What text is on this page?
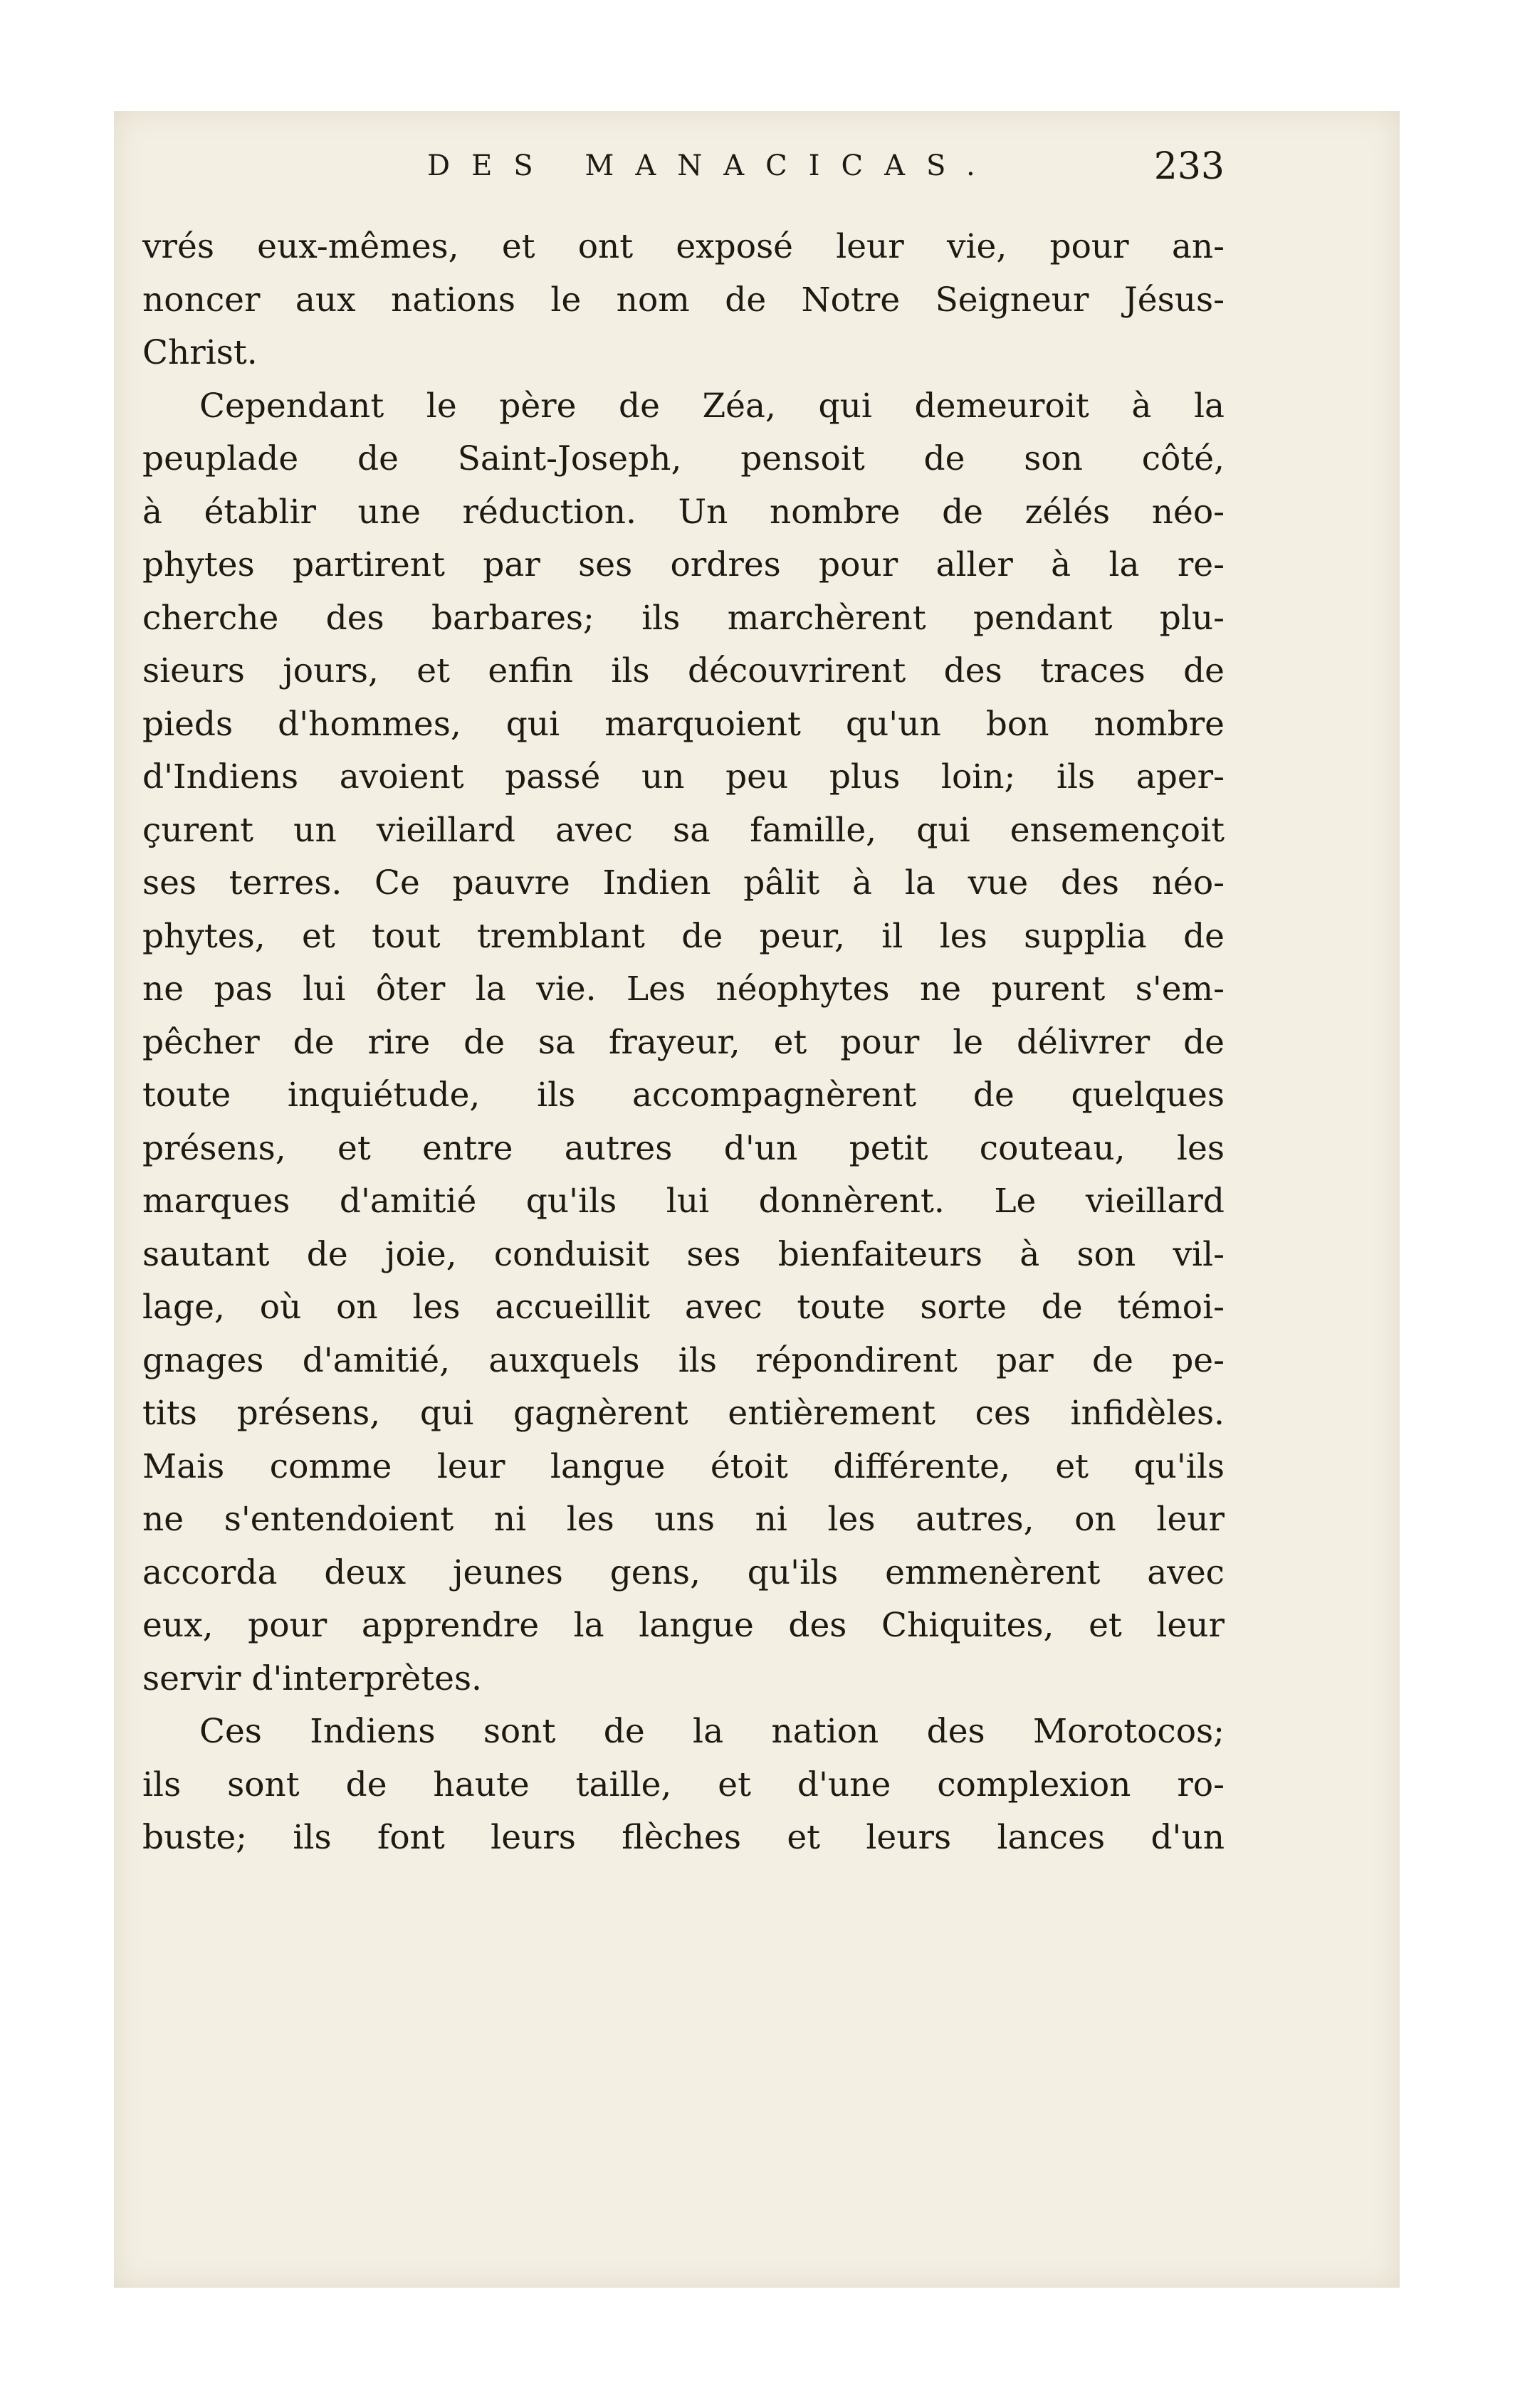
DES MANACICAS.	233
vrés eux-mêmes, et ont exposé leur vie, pour an-
noncer aux nations le nom de Notre Seigneur Jésus-
Christ.
Cependant le père de Zéa, qui demeuroit à la
peuplade de Saint-Joseph, pensoit de son côté,
à établir une réduction. Un nombre de zélés néo-
phytes partirent par ses ordres pour aller à la re-
cherche des barbares; ils marchèrent pendant plu-
sieurs jours, et enfin ils découvrirent des traces de
pieds d'hommes, qui marquoient qu'un bon nombre
d'Indiens avoient passé un peu plus loin; ils aper-
çurent un vieillard avec sa famille, qui ensemençoit
ses terres. Ce pauvre Indien pâlit à la vue des néo-
phytes, et tout tremblant de peur, il les supplia de
ne pas lui ôter la vie. Les néophytes ne purent s'em-
pêcher de rire de sa frayeur, et pour le délivrer de
toute inquiétude, ils accompagnèrent de quelques
présens, et entre autres d'un petit couteau, les
marques d'amitié qu'ils lui donnèrent. Le vieillard
sautant de joie, conduisit ses bienfaiteurs à son vil-
lage, où on les accueillit avec toute sorte de témoi-
gnages d'amitié, auxquels ils répondirent par de pe-
tits présens, qui gagnèrent entièrement ces infidèles.
Mais comme leur langue étoit différente, et qu'ils
ne s'entendoient ni les uns ni les autres, on leur
accorda deux jeunes gens, qu'ils emmenèrent avec
eux, pour apprendre la langue des Chiquites, et leur
servir d'interprètes.
Ces Indiens sont de la nation des Morotocos;
ils sont de haute taille, et d'une complexion ro-
buste; ils font leurs flèches et leurs lances d'un
